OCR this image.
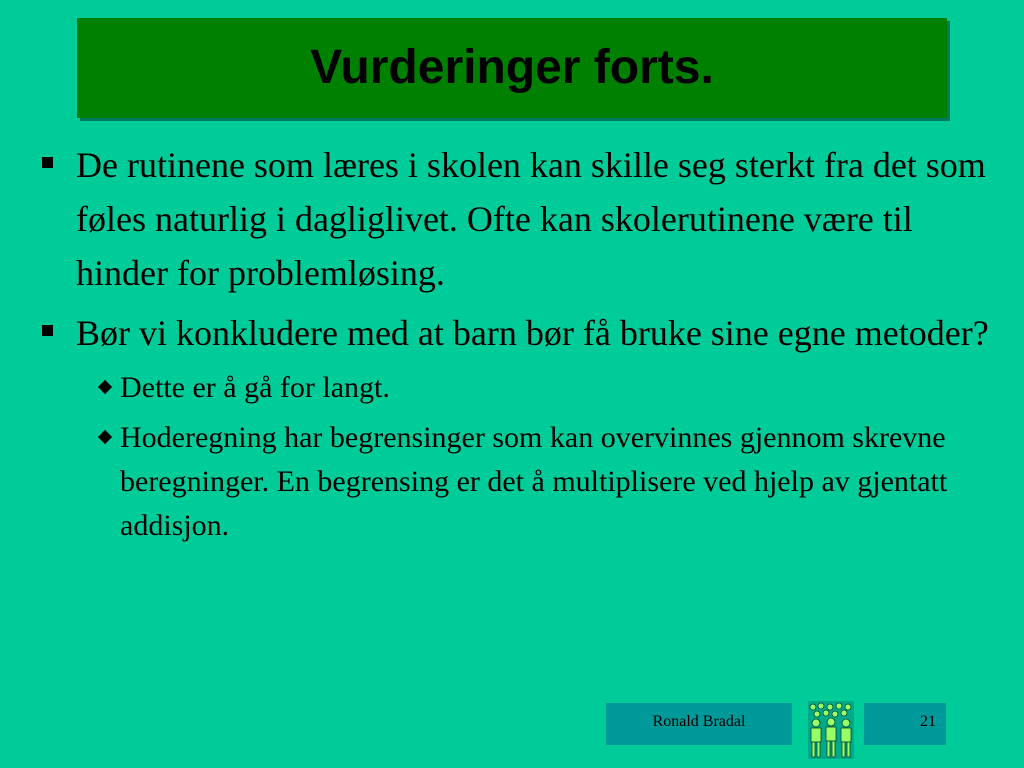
Vurderinger forts.
De rutinene som læres i skolen kan skille seg sterkt fra det som føles naturlig i dagliglivet. Ofte kan skolerutinene være til hinder for problemløsing.
Bør vi konkludere med at barn bør få bruke sine egne metoder?
Dette er å gå for langt.
Hoderegning har begrensinger som kan overvinnes gjennom skrevne beregninger. En begrensing er det å multiplisere ved hjelp av gjentatt addisjon.
Ronald Bradal	21
